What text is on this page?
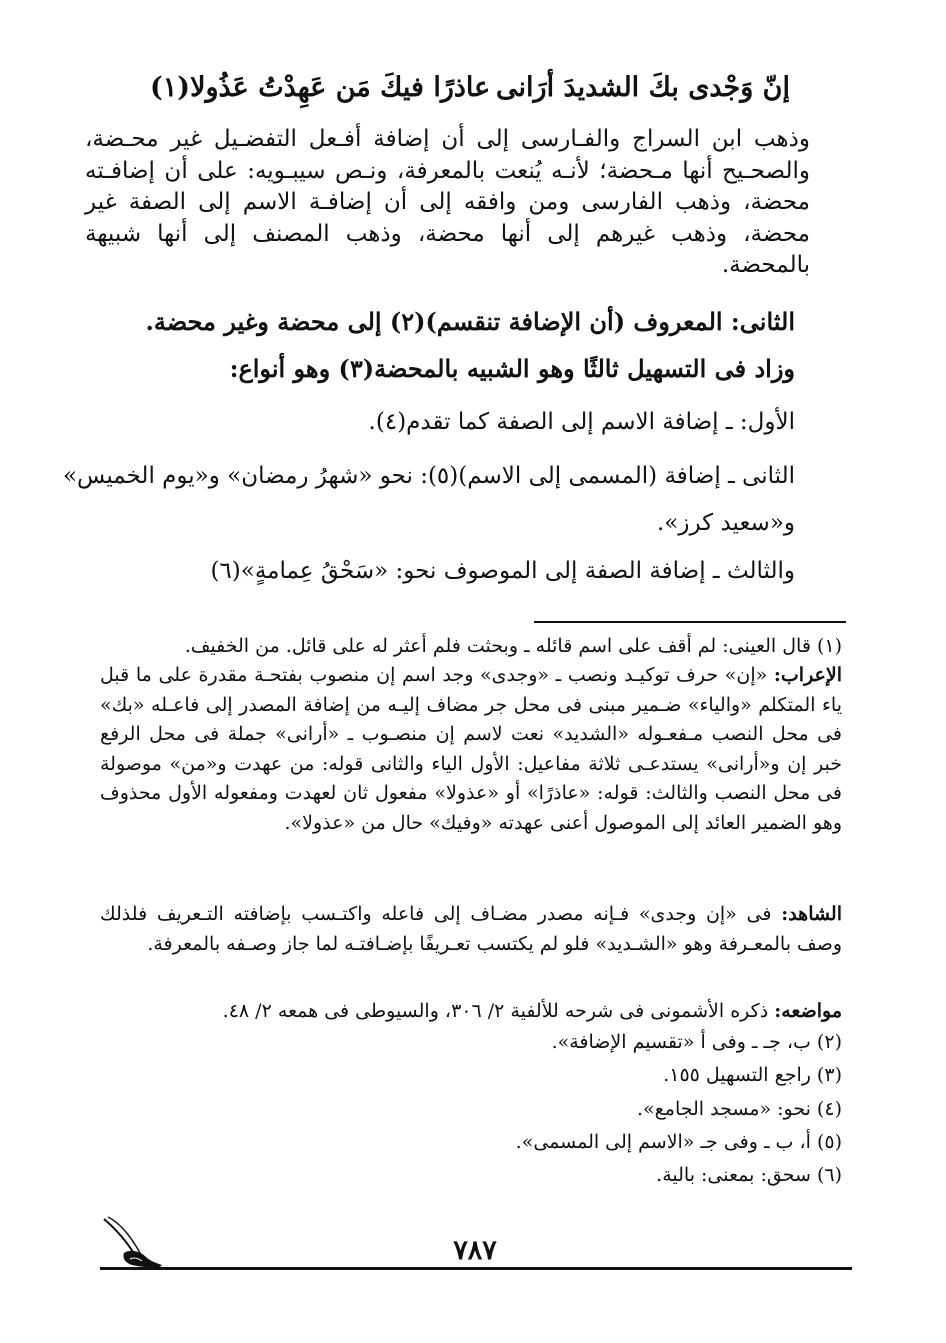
إنّ وَجْدى بكَ الشديدَ أرَانى
عاذرًا فيكَ مَن عَهِدْتُ عَذُولا(١)
وذهب ابن السراج والفـارسى إلى أن إضافة أفـعل التفضـيل غير محـضة، والصحـيح أنها مـحضة؛ لأنـه يُنعت بالمعرفة، ونـص سيبـويه: على أن إضافـته محضة، وذهب الفارسى ومن وافقه إلى أن إضافـة الاسم إلى الصفة غير محضة، وذهب غيرهم إلى أنها محضة، وذهب المصنف إلى أنها شبيهة بالمحضة.
الثانى: المعروف (أن الإضافة تنقسم)(٢) إلى محضة وغير محضة.
وزاد فى التسهيل ثالثًا وهو الشبيه بالمحضة(٣) وهو أنواع:
الأول: ـ إضافة الاسم إلى الصفة كما تقدم(٤).
الثانى ـ إضافة (المسمى إلى الاسم)(٥): نحو «شهرُ رمضان» و«يوم الخميس»
و«سعيد كرز».
والثالث ـ إضافة الصفة إلى الموصوف نحو: «سَحْقُ عِمامةٍ»(٦)
(١) قال العينى: لم أقف على اسم قائله ـ وبحثت فلم أعثر له على قائل. من الخفيف.
الإعراب: «إن» حرف توكيـد ونصب ـ «وجدى» وجد اسم إن منصوب بفتحـة مقدرة على ما قبل ياء المتكلم «والياء» ضـمير مبنى فى محل جر مضاف إليـه من إضافة المصدر إلى فاعـله «بك» فى محل النصب مـفعـوله «الشديد» نعت لاسم إن منصـوب ـ «أرانى» جملة فى محل الرفع خبر إن و«أرانى» يستدعـى ثلاثة مفاعيل: الأول الياء والثانى قوله: من عهدت و«من» موصولة فى محل النصب والثالث: قوله: «عاذرًا» أو «عذولا» مفعول ثان لعهدت ومفعوله الأول محذوف وهو الضمير العائد إلى الموصول أعنى عهدته «وفيك» حال من «عذولا».
الشاهد: فى «إن وجدى» فـإنه مصدر مضـاف إلى فاعله واكتـسب بإضافته التـعريف فلذلك وصف بالمعـرفة وهو «الشـديد» فلو لم يكتسب تعـريفًا بإضـافتـه لما جاز وصـفه بالمعرفة.
مواضعه: ذكره الأشمونى فى شرحه للألفية ٢/ ٣٠٦، والسيوطى فى همعه ٢/ ٤٨.
(٢) ب، جـ ـ وفى أ «تقسيم الإضافة».
(٣) راجع التسهيل ١٥٥.
(٤) نحو: «مسجد الجامع».
(٥) أ، ب ـ وفى جـ «الاسم إلى المسمى».
(٦) سحق: بمعنى: بالية.
٧٨٧
